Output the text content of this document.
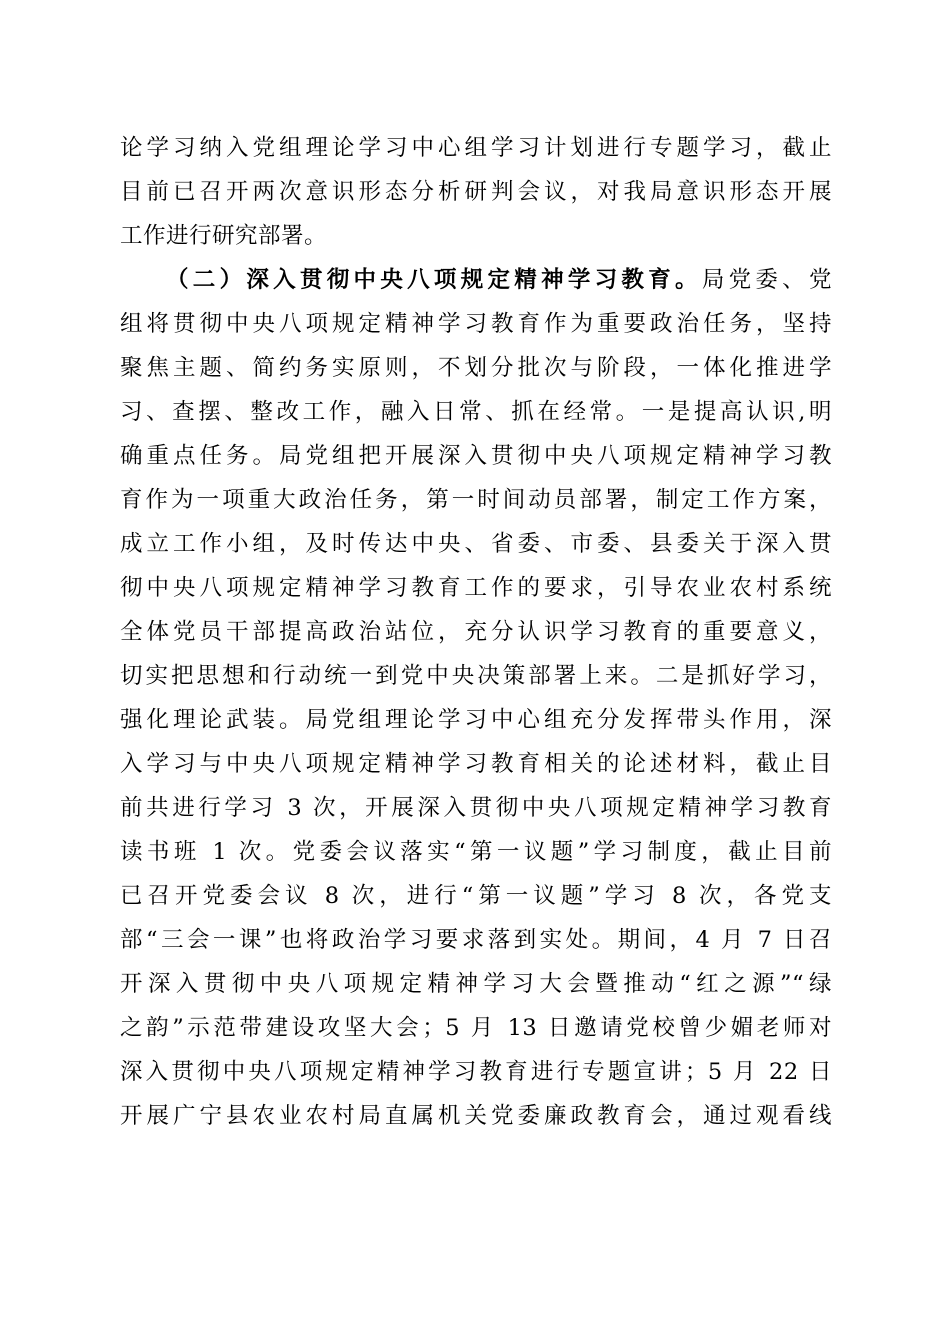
论学习纳入党组理论学习中心组学习计划进行专题学习，截止
目前已召开两次意识形态分析研判会议，对我局意识形态开展
工作进行研究部署。
（二）深入贯彻中央八项规定精神学习教育。局党委、党
组将贯彻中央八项规定精神学习教育作为重要政治任务，坚持
聚焦主题、简约务实原则，不划分批次与阶段，一体化推进学
习、查摆、整改工作，融入日常、抓在经常。一是提高认识,明
确重点任务。局党组把开展深入贯彻中央八项规定精神学习教
育作为一项重大政治任务，第一时间动员部署，制定工作方案，
成立工作小组，及时传达中央、省委、市委、县委关于深入贯
彻中央八项规定精神学习教育工作的要求，引导农业农村系统
全体党员干部提高政治站位，充分认识学习教育的重要意义，
切实把思想和行动统一到党中央决策部署上来。二是抓好学习，
强化理论武装。局党组理论学习中心组充分发挥带头作用，深
入学习与中央八项规定精神学习教育相关的论述材料，截止目
前共进行学习 3 次，开展深入贯彻中央八项规定精神学习教育
读书班 1 次。党委会议落实“第一议题”学习制度，截止目前
已召开党委会议 8 次，进行“第一议题”学习 8 次，各党支
部“三会一课”也将政治学习要求落到实处。期间，4 月 7 日召
开深入贯彻中央八项规定精神学习大会暨推动“红之源”“绿
之韵”示范带建设攻坚大会；5 月 13 日邀请党校曾少媚老师对
深入贯彻中央八项规定精神学习教育进行专题宣讲；5 月 22 日
开展广宁县农业农村局直属机关党委廉政教育会，通过观看线
